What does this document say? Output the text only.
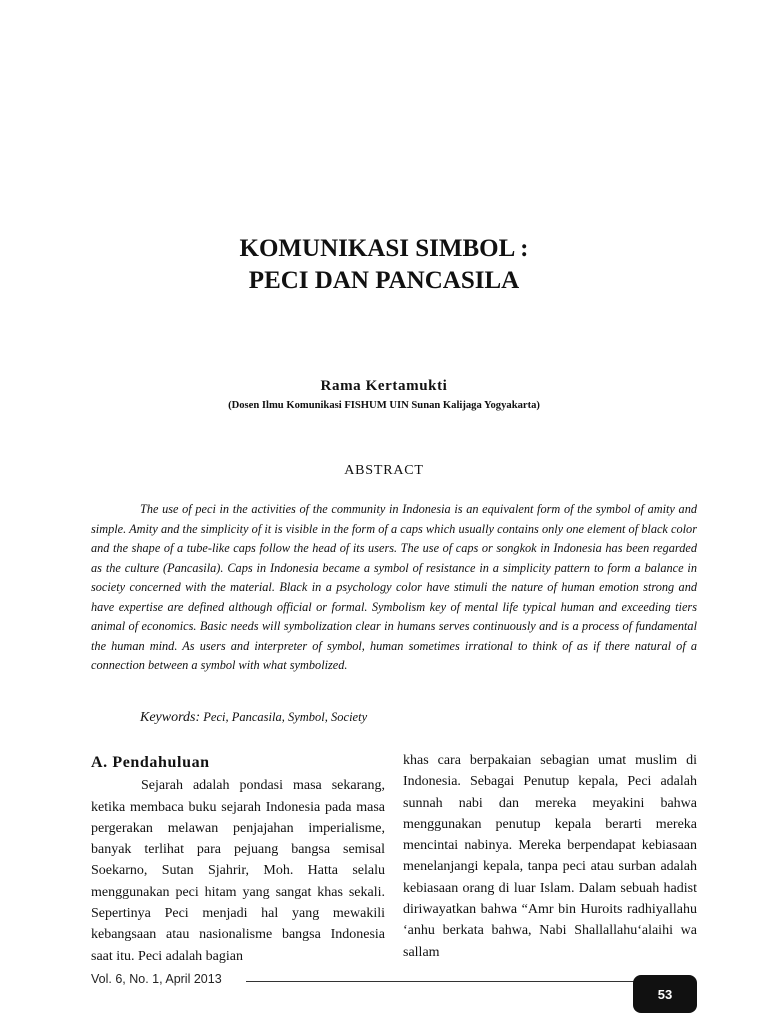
KOMUNIKASI SIMBOL :
PECI DAN PANCASILA
Rama Kertamukti
(Dosen Ilmu Komunikasi FISHUM UIN Sunan Kalijaga Yogyakarta)
ABSTRACT

The use of peci in the activities of the community in Indonesia is an equivalent form of the symbol of amity and simple. Amity and the simplicity of it is visible in the form of a caps which usually contains only one element of black color and the shape of a tube-like caps follow the head of its users. The use of caps or songkok in Indonesia has been regarded as the culture (Pancasila). Caps in Indonesia became a symbol of resistance in a simplicity pattern to form a balance in society concerned with the material. Black in a psychology color have stimuli the nature of human emotion strong and have expertise are defined although official or formal. Symbolism key of mental life typical human and exceeding tiers animal of economics. Basic needs will symbolization clear in humans serves continuously and is a process of fundamental the human mind. As users and interpreter of symbol, human sometimes irrational to think of as if there natural of a connection between a symbol with what symbolized.

Keywords: Peci, Pancasila, Symbol, Society
A. Pendahuluan

Sejarah adalah pondasi masa sekarang, ketika membaca buku sejarah Indonesia pada masa pergerakan melawan penjajahan imperialisme, banyak terlihat para pejuang bangsa semisal Soekarno, Sutan Sjahrir, Moh. Hatta selalu menggunakan peci hitam yang sangat khas sekali. Sepertinya Peci menjadi hal yang mewakili kebangsaan atau nasionalisme bangsa Indonesia saat itu. Peci adalah bagian

khas cara berpakaian sebagian umat muslim di Indonesia. Sebagai Penutup kepala, Peci adalah sunnah nabi dan mereka meyakini bahwa menggunakan penutup kepala berarti mereka mencintai nabinya. Mereka berpendapat kebiasaan menelanjangi kepala, tanpa peci atau surban adalah kebiasaan orang di luar Islam. Dalam sebuah hadist diriwayatkan bahwa “Amr bin Huroits radhiyallahu ‘anhu berkata bahwa, Nabi Shallallahu‘alaihi wa sallam

Vol. 6, No. 1, April 2013
53
